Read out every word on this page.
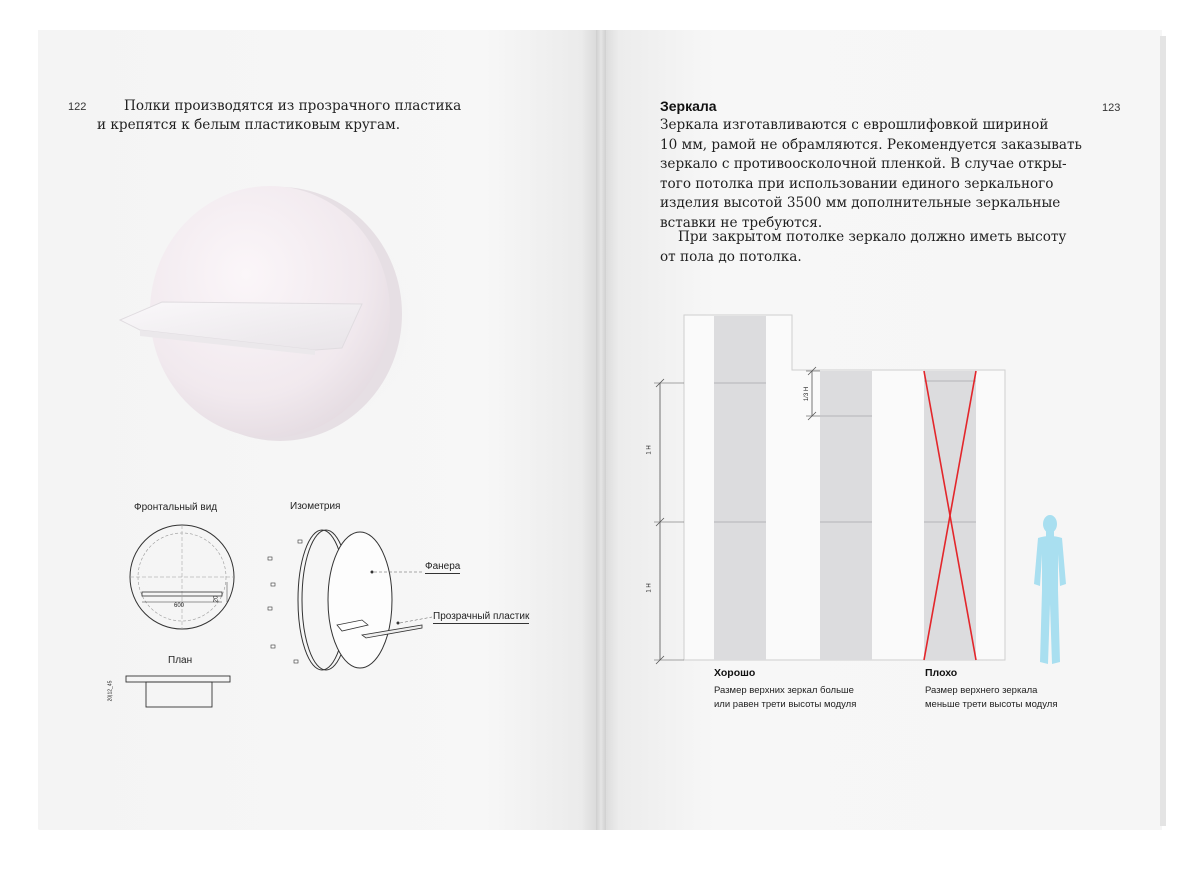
122	Полки производятся из прозрачного пластика
и крепятся к белым пластиковым кругам.
Фронтальный вид
600
20
Изометрия
Фанера
Прозрачный пластик
План
20|12_45
Зеркала	123
Зеркала изготавливаются с еврошлифовкой шириной
10 мм, рамой не обрамляются. Рекомендуется заказывать
зеркало с противоосколочной пленкой. В случае откры-
того потолка при использовании единого зеркального
изделия высотой 3500 мм дополнительные зеркальные
вставки не требуются.
При закрытом потолке зеркало должно иметь высоту
от пола до потолка.
1 H
1 H
1/3 H
Хорошо
Размер верхних зеркал больше
или равен трети высоты модуля
Плохо
Размер верхнего зеркала
меньше трети высоты модуля
